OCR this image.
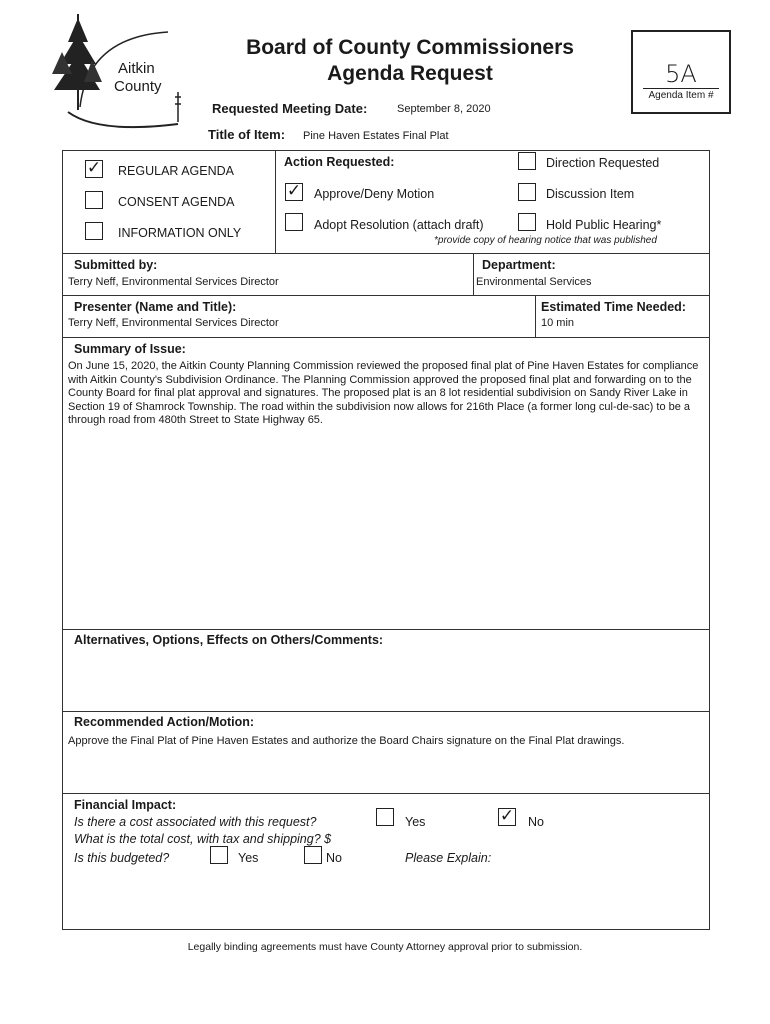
Aitkin
County
Board of County Commissioners
Agenda Request
Requested Meeting Date:	September 8, 2020
Title of Item: Pine Haven Estates Final Plat
5A
Agenda Item #
✓ REGULAR AGENDA
CONSENT AGENDA
INFORMATION ONLY
Action Requested:
✓ Approve/Deny Motion
Adopt Resolution (attach draft)
Direction Requested
Discussion Item
Hold Public Hearing*
*provide copy of hearing notice that was published
Submitted by:
Terry Neff, Environmental Services Director
Department:
Environmental Services
Presenter (Name and Title):
Terry Neff, Environmental Services Director
Estimated Time Needed:
10 min
Summary of Issue:
On June 15, 2020, the Aitkin County Planning Commission reviewed the proposed final plat of Pine Haven Estates for compliance with Aitkin County's Subdivision Ordinance. The Planning Commission approved the proposed final plat and forwarding on to the County Board for final plat approval and signatures. The proposed plat is an 8 lot residential subdivision on Sandy River Lake in Section 19 of Shamrock Township. The road within the subdivision now allows for 216th Place (a former long cul-de-sac) to be a through road from 480th Street to State Highway 65.
Alternatives, Options, Effects on Others/Comments:
Recommended Action/Motion:
Approve the Final Plat of Pine Haven Estates and authorize the Board Chairs signature on the Final Plat drawings.
Financial Impact:
Is there a cost associated with this request?	Yes	✓ No
What is the total cost, with tax and shipping? $
Is this budgeted?	Yes	No	Please Explain:
Legally binding agreements must have County Attorney approval prior to submission.
